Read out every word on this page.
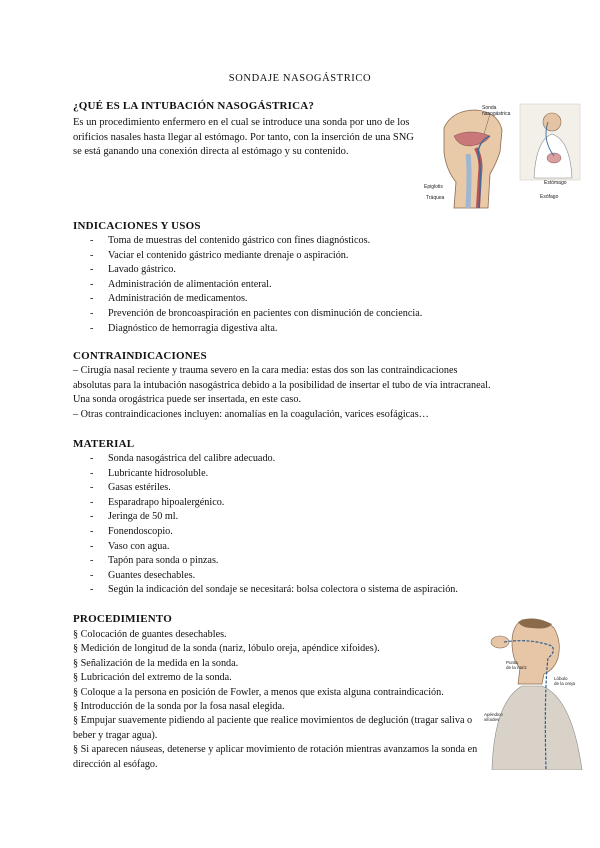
SONDAJE NASOGÁSTRICO
¿QUÉ ES LA INTUBACIÓN NASOGÁSTRICA?
Es un procedimiento enfermero en el cual se introduce una sonda por uno de los
orificios nasales hasta llegar al estómago. Por tanto, con la inserción de una SNG
se está ganando una conexión directa al estómago y su contenido.
Sonda
nasogástrica
Epiglotis
Tráquea
Estómago
Esófago
INDICACIONES Y USOS
- Toma de muestras del contenido gástrico con fines diagnósticos.
- Vaciar el contenido gástrico mediante drenaje o aspiración.
- Lavado gástrico.
- Administración de alimentación enteral.
- Administración de medicamentos.
- Prevención de broncoaspiración en pacientes con disminución de conciencia.
- Diagnóstico de hemorragia digestiva alta.
CONTRAINDICACIONES
– Cirugía nasal reciente y trauma severo en la cara media: estas dos son las contraindicaciones
absolutas para la intubación nasogástrica debido a la posibilidad de insertar el tubo de vía intracraneal.
Una sonda orogástrica puede ser insertada, en este caso.
– Otras contraindicaciones incluyen: anomalías en la coagulación, varices esofágicas…
MATERIAL
- Sonda nasogástrica del calibre adecuado.
- Lubricante hidrosoluble.
- Gasas estériles.
- Esparadrapo hipoalergénico.
- Jeringa de 50 ml.
- Fonendoscopio.
- Vaso con agua.
- Tapón para sonda o pinzas.
- Guantes desechables.
- Según la indicación del sondaje se necesitará: bolsa colectora o sistema de aspiración.
PROCEDIMIENTO
§ Colocación de guantes desechables.
§ Medición de longitud de la sonda (nariz, lóbulo oreja, apéndice xifoides).
§ Señalización de la medida en la sonda.
§ Lubricación del extremo de la sonda.
§ Coloque a la persona en posición de Fowler, a menos que exista alguna contraindicación.
§ Introducción de la sonda por la fosa nasal elegida.
§ Empujar suavemente pidiendo al paciente que realice movimientos de deglución (tragar saliva o beber y tragar agua).
§ Si aparecen náuseas, detenerse y aplicar movimiento de rotación mientras avanzamos la sonda en dirección al esófago.
Punta
de la nariz
Lóbulo
de la oreja
Apéndice
xifoides
